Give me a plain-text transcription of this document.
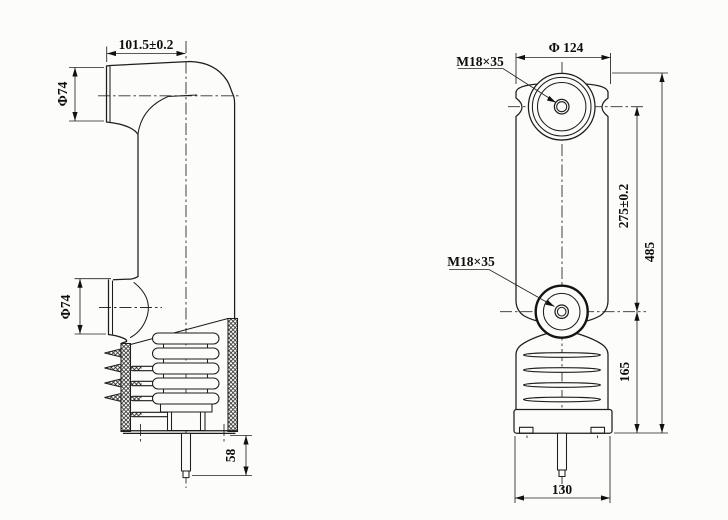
101.5±0.2
Φ74
Φ74
58
Φ 124
M18×35
M18×35
275±0.2
165
485
130
